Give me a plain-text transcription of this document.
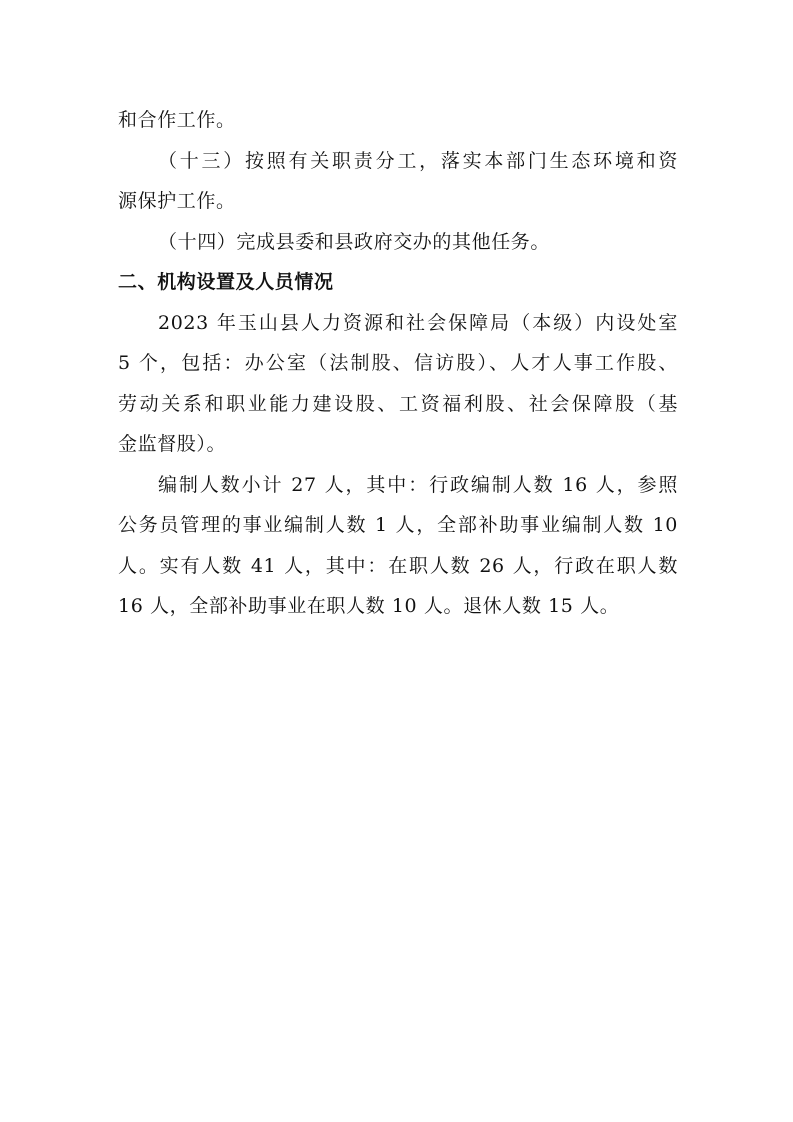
和合作工作。
（十三）按照有关职责分工，落实本部门生态环境和资
源保护工作。
（十四）完成县委和县政府交办的其他任务。
二、机构设置及人员情况
2023 年玉山县人力资源和社会保障局（本级）内设处室
5 个，包括：办公室（法制股、信访股）、人才人事工作股、
劳动关系和职业能力建设股、工资福利股、社会保障股（基
金监督股）。
编制人数小计 27 人，其中：行政编制人数 16 人，参照
公务员管理的事业编制人数 1 人，全部补助事业编制人数 10
人。实有人数 41 人，其中：在职人数 26 人，行政在职人数
16 人，全部补助事业在职人数 10 人。退休人数 15 人。
